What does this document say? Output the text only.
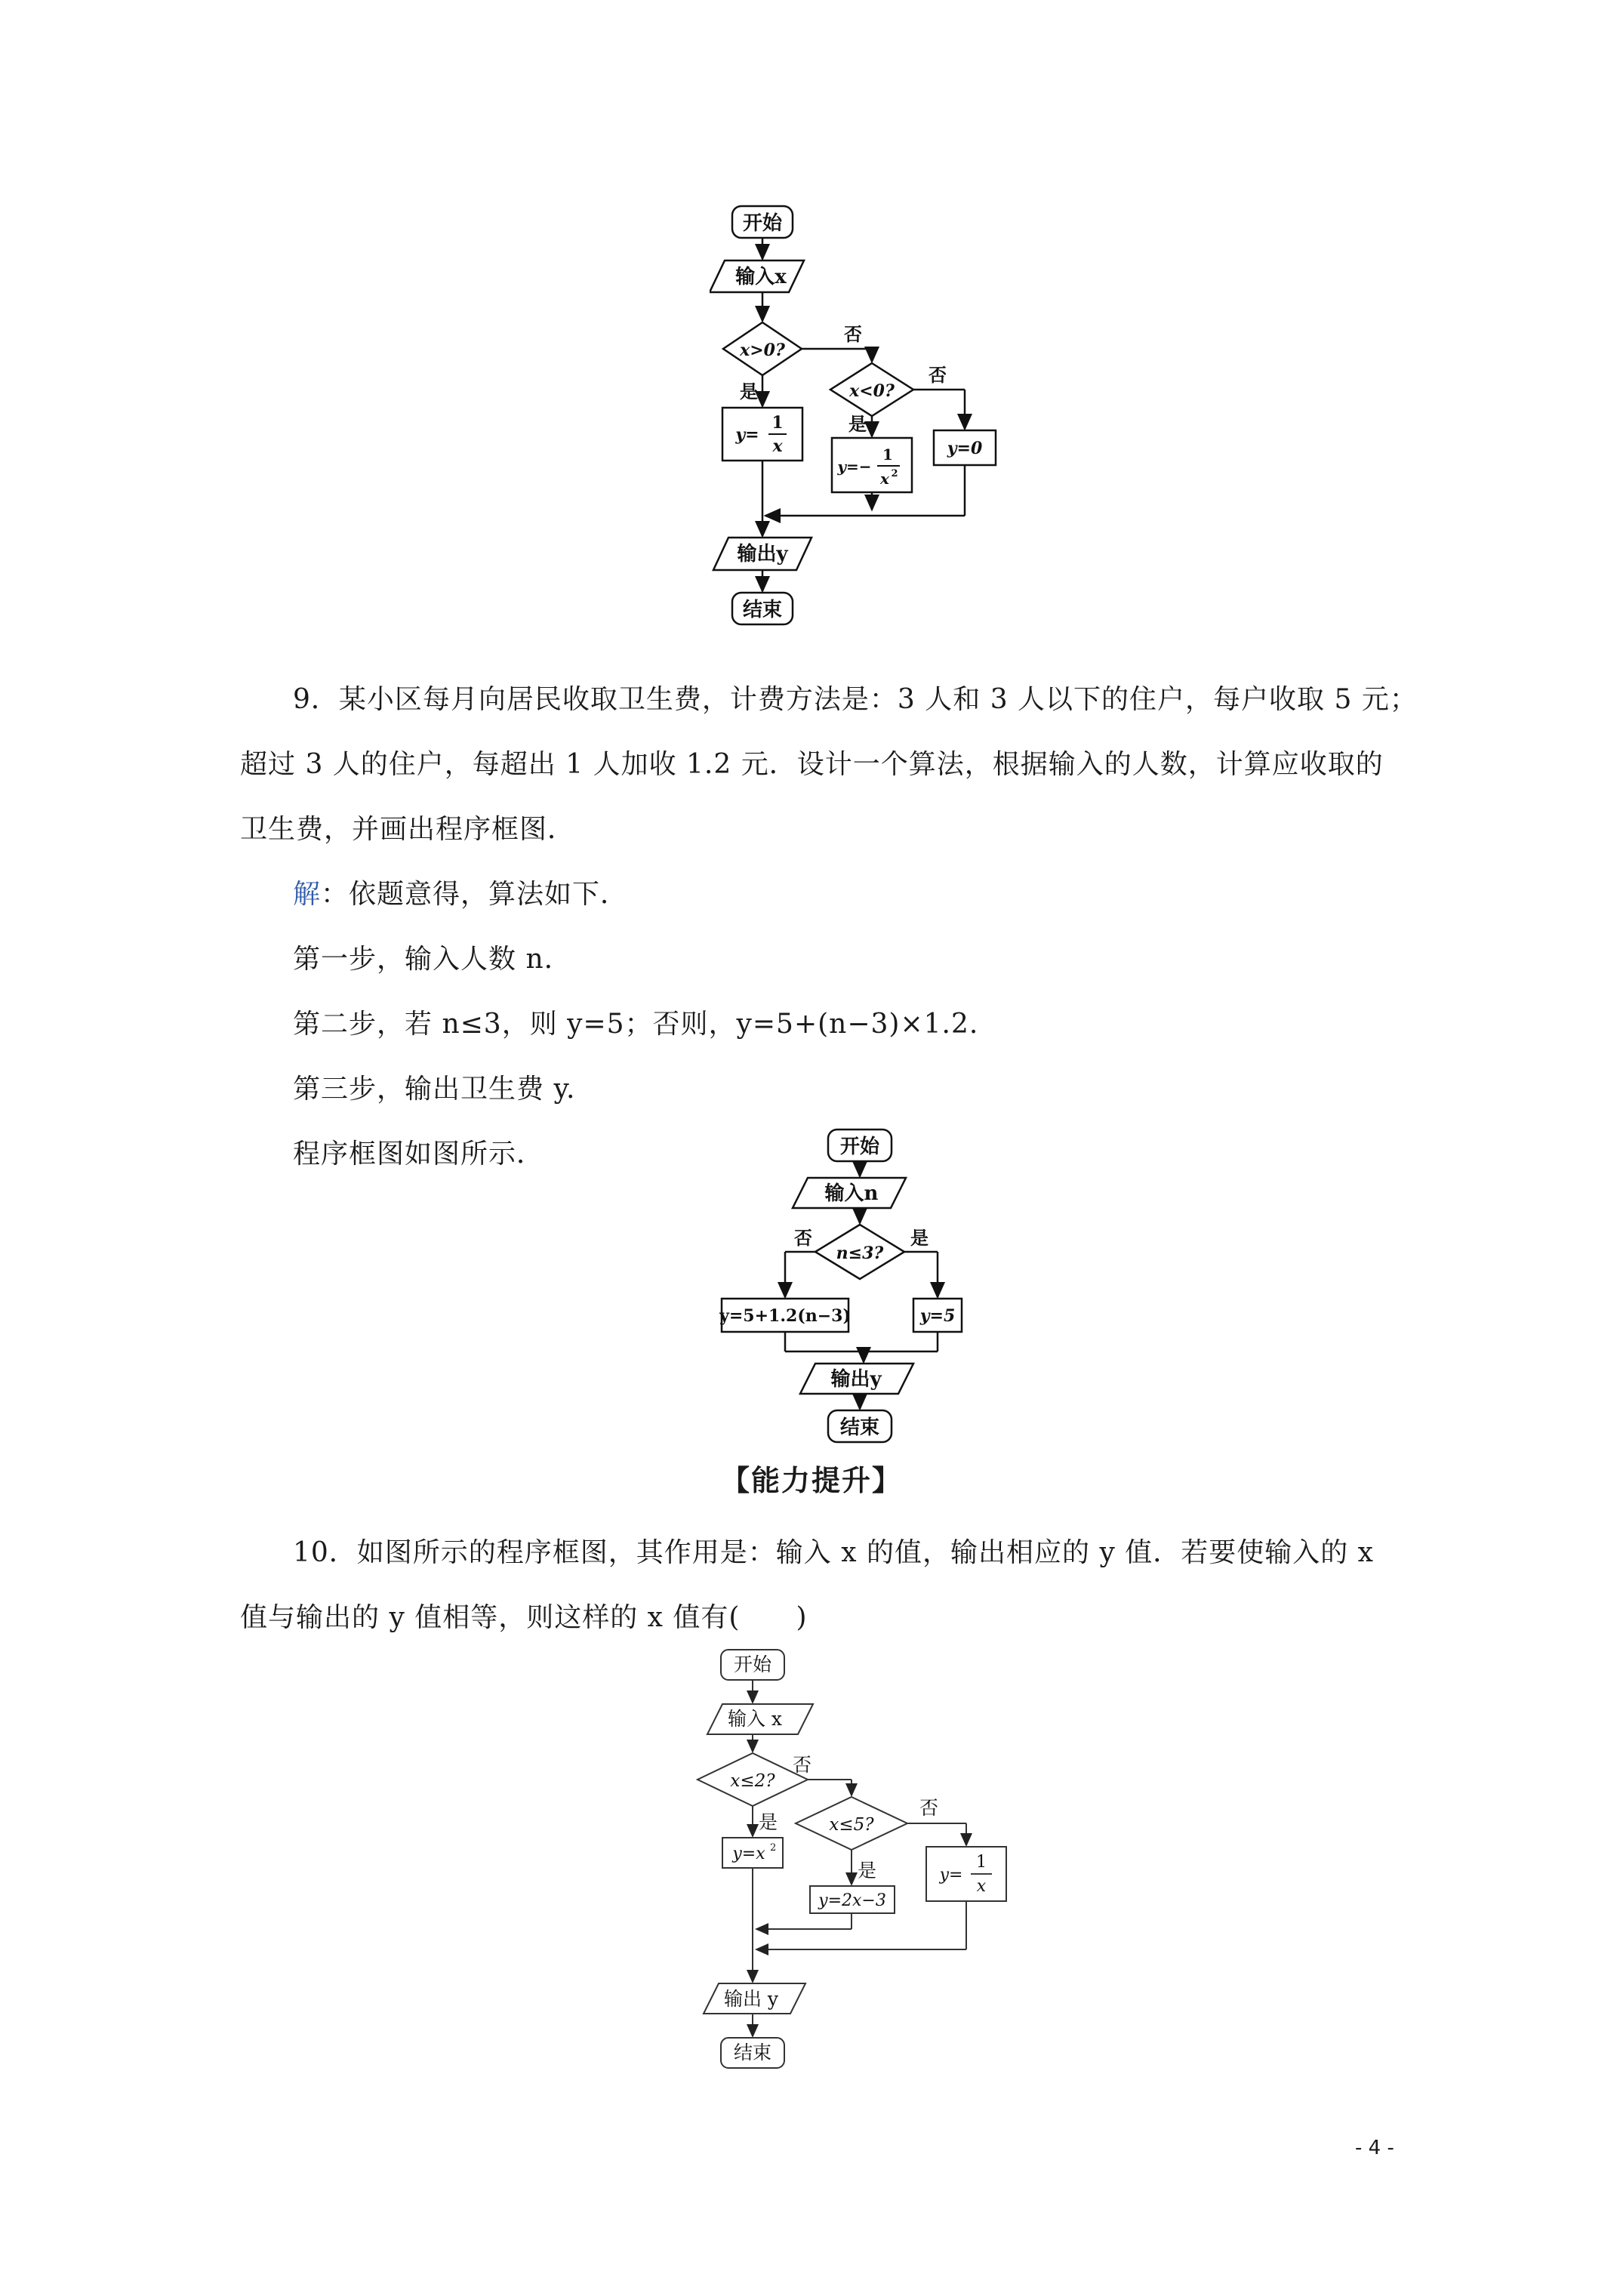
开始
输入x
x>0?
否
是	x<0?
否
是
y=
1
x
y=−
1
x 2
y=0
输出y
结束
9．某小区每月向居民收取卫生费，计费方法是：3 人和 3 人以下的住户，每户收取 5 元；
超过 3 人的住户，每超出 1 人加收 1.2 元．设计一个算法，根据输入的人数，计算应收取的
卫生费，并画出程序框图．
解：依题意得，算法如下．
第一步，输入人数 n.
第二步，若 n≤3，则 y=5；否则，y=5+(n−3)×1.2.
第三步，输出卫生费 y.
程序框图如图所示．	开始
输入n
n≤3?
否	是
y=5+1.2(n−3)	y=5
输出y
结束
【能力提升】
10．如图所示的程序框图，其作用是：输入 x 的值，输出相应的 y 值．若要使输入的 x
值与输出的 y 值相等，则这样的 x 值有(　　)
开始
输入 x
x≤2?
否
是	x≤5?
否
是
y=x 2
y=2x−3
y=
1
x
输出 y
结束
- 4 -
